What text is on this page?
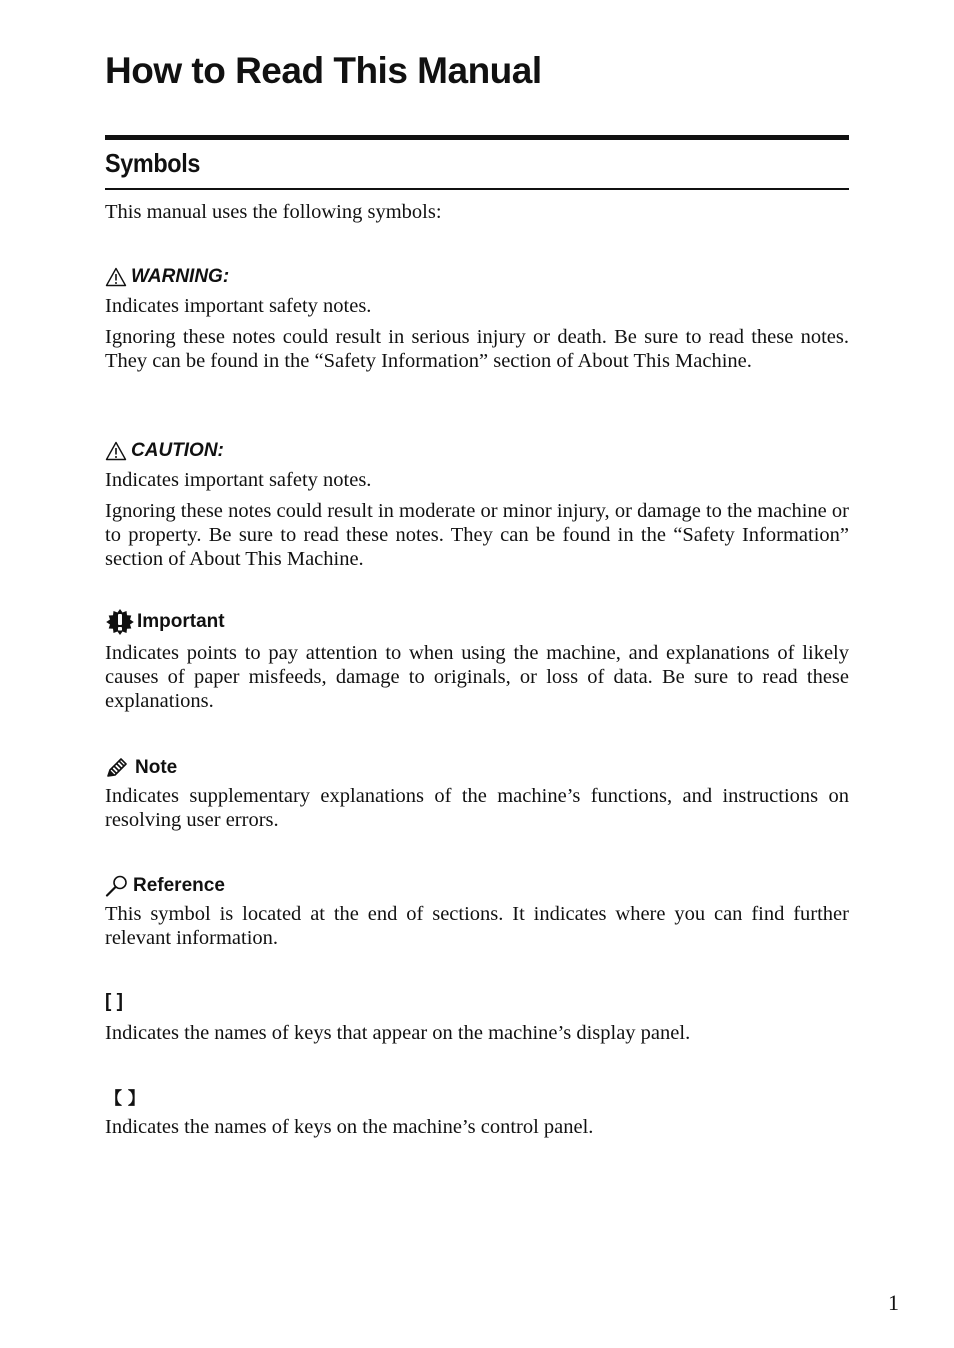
How to Read This Manual
Symbols

This manual uses the following symbols:

WARNING:

Indicates important safety notes.

Ignoring these notes could result in serious injury or death. Be sure to read these notes. They can be found in the “Safety Information” section of About This Machine.

CAUTION:

Indicates important safety notes.

Ignoring these notes could result in moderate or minor injury, or damage to the machine or to property. Be sure to read these notes. They can be found in the “Safety Information” section of About This Machine.

Important

Indicates points to pay attention to when using the machine, and explanations of likely causes of paper misfeeds, damage to originals, or loss of data. Be sure to read these explanations.

Note

Indicates supplementary explanations of the machine’s functions, and instructions on resolving user errors.

Reference

This symbol is located at the end of sections. It indicates where you can find further relevant information.

[ ]

Indicates the names of keys that appear on the machine’s display panel.

【 】

Indicates the names of keys on the machine’s control panel.

1
